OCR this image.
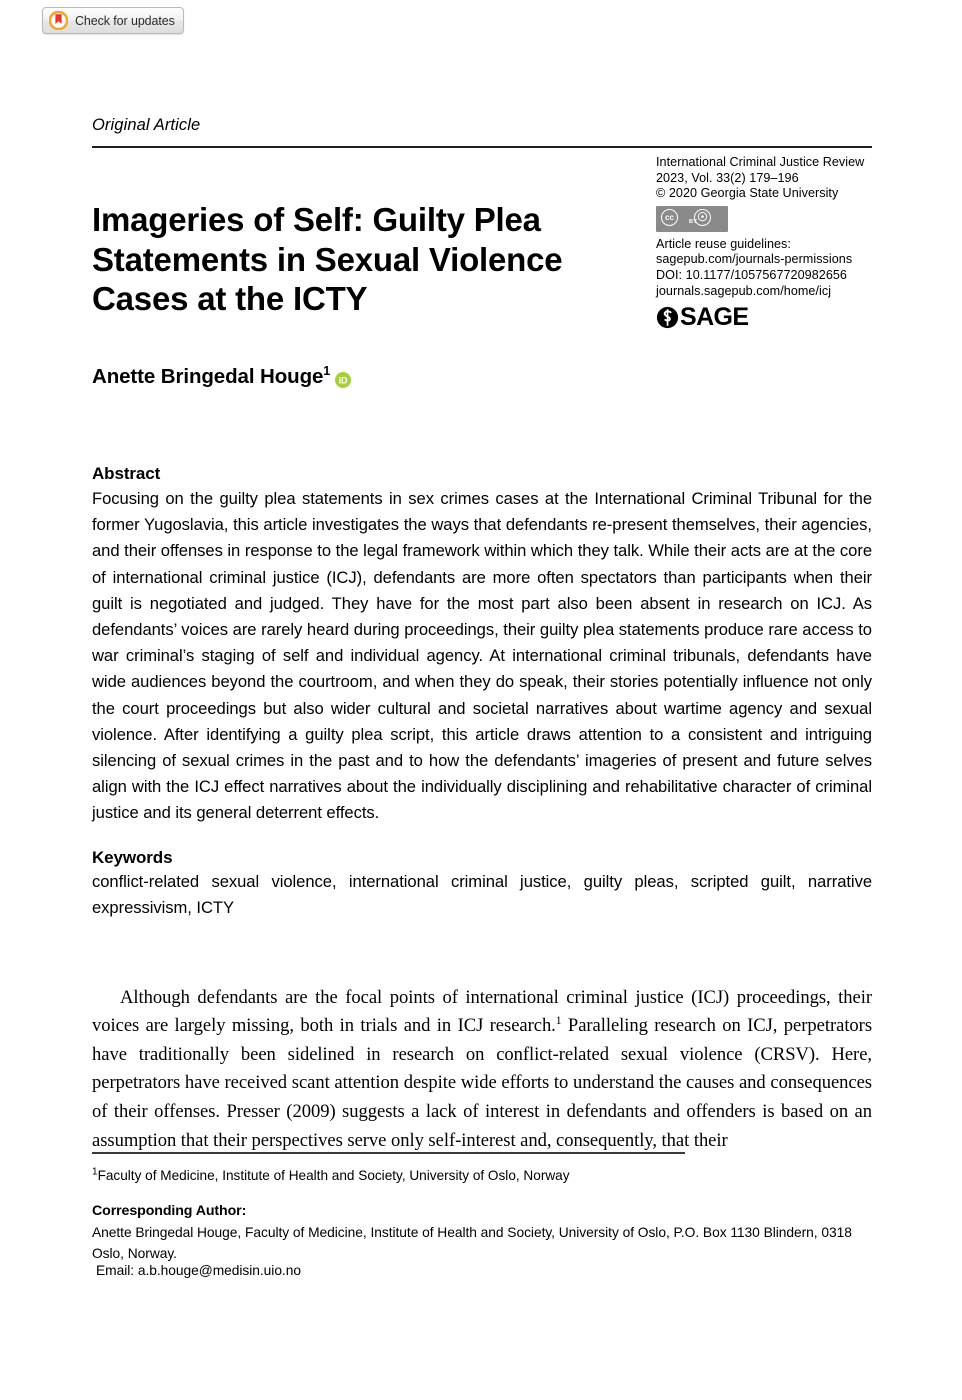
Check for updates
Original Article
International Criminal Justice Review
2023, Vol. 33(2) 179–196
© 2020 Georgia State University
cc	☉
BY
Article reuse guidelines:
sagepub.com/journals-permissions
DOI: 10.1177/1057567720982656
journals.sagepub.com/home/icj
SAGE
Imageries of Self: Guilty Plea Statements in Sexual Violence Cases at the ICTY
Anette Bringedal Houge$^1$
iD
Abstract
Focusing on the guilty plea statements in sex crimes cases at the International Criminal Tribunal for the former Yugoslavia, this article investigates the ways that defendants re-present themselves, their agencies, and their offenses in response to the legal framework within which they talk. While their acts are at the core of international criminal justice (ICJ), defendants are more often spectators than participants when their guilt is negotiated and judged. They have for the most part also been absent in research on ICJ. As defendants’ voices are rarely heard during proceedings, their guilty plea statements produce rare access to war criminal’s staging of self and individual agency. At international criminal tribunals, defendants have wide audiences beyond the courtroom, and when they do speak, their stories potentially influence not only the court proceedings but also wider cultural and societal narratives about wartime agency and sexual violence. After identifying a guilty plea script, this article draws attention to a consistent and intriguing silencing of sexual crimes in the past and to how the defendants’ imageries of present and future selves align with the ICJ effect narratives about the individually disciplining and rehabilitative character of criminal justice and its general deterrent effects.
Keywords
conflict-related sexual violence, international criminal justice, guilty pleas, scripted guilt, narrative expressivism, ICTY

Although defendants are the focal points of international criminal justice (ICJ) proceedings, their voices are largely missing, both in trials and in ICJ research.$^1$ Paralleling research on ICJ, perpetrators have traditionally been sidelined in research on conflict-related sexual violence (CRSV). Here, perpetrators have received scant attention despite wide efforts to understand the causes and consequences of their offenses. Presser (2009) suggests a lack of interest in defendants and offenders is based on an assumption that their perspectives serve only self-interest and, consequently, that their

$^1$Faculty of Medicine, Institute of Health and Society, University of Oslo, Norway
Corresponding Author:
Anette Bringedal Houge, Faculty of Medicine, Institute of Health and Society, University of Oslo, P.O. Box 1130 Blindern, 0318 Oslo, Norway.
Email: a.b.houge@medisin.uio.no
